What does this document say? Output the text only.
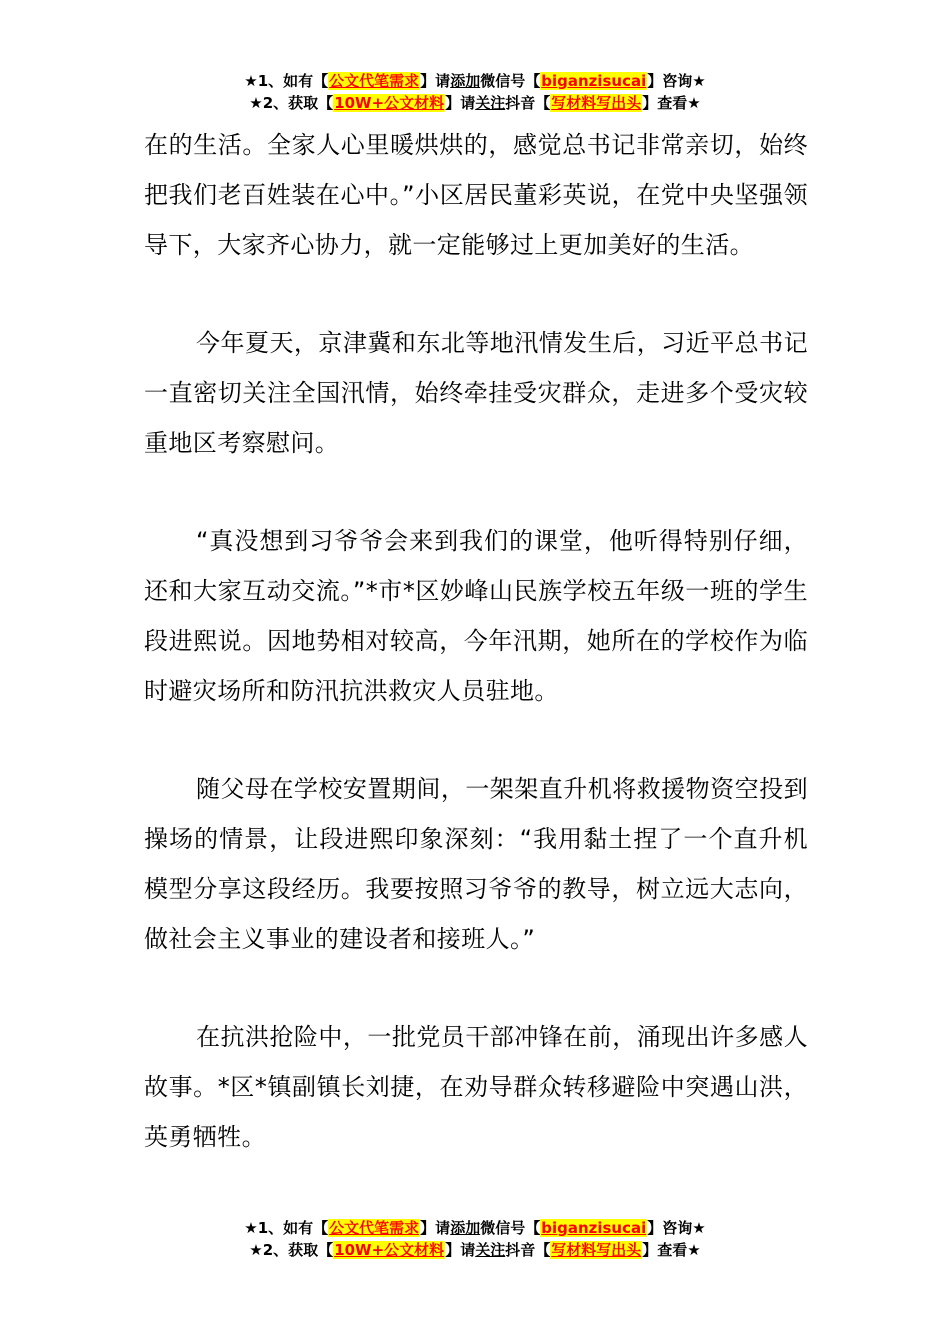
★1、如有【公文代笔需求】请添加微信号【biganzisucai】咨询★
★2、获取【10W+公文材料】请关注抖音【写材料写出头】查看★

在的生活。全家人心里暖烘烘的，感觉总书记非常亲切，始终把我们老百姓装在心中。”小区居民董彩英说，在党中央坚强领导下，大家齐心协力，就一定能够过上更加美好的生活。

今年夏天，京津冀和东北等地汛情发生后，习近平总书记一直密切关注全国汛情，始终牵挂受灾群众，走进多个受灾较重地区考察慰问。

“真没想到习爷爷会来到我们的课堂，他听得特别仔细，还和大家互动交流。”*市*区妙峰山民族学校五年级一班的学生段进熙说。因地势相对较高，今年汛期，她所在的学校作为临时避灾场所和防汛抗洪救灾人员驻地。

随父母在学校安置期间，一架架直升机将救援物资空投到操场的情景，让段进熙印象深刻：“我用黏土捏了一个直升机模型分享这段经历。我要按照习爷爷的教导，树立远大志向，做社会主义事业的建设者和接班人。”

在抗洪抢险中，一批党员干部冲锋在前，涌现出许多感人故事。*区*镇副镇长刘捷，在劝导群众转移避险中突遇山洪，英勇牺牲。

★1、如有【公文代笔需求】请添加微信号【biganzisucai】咨询★
★2、获取【10W+公文材料】请关注抖音【写材料写出头】查看★
